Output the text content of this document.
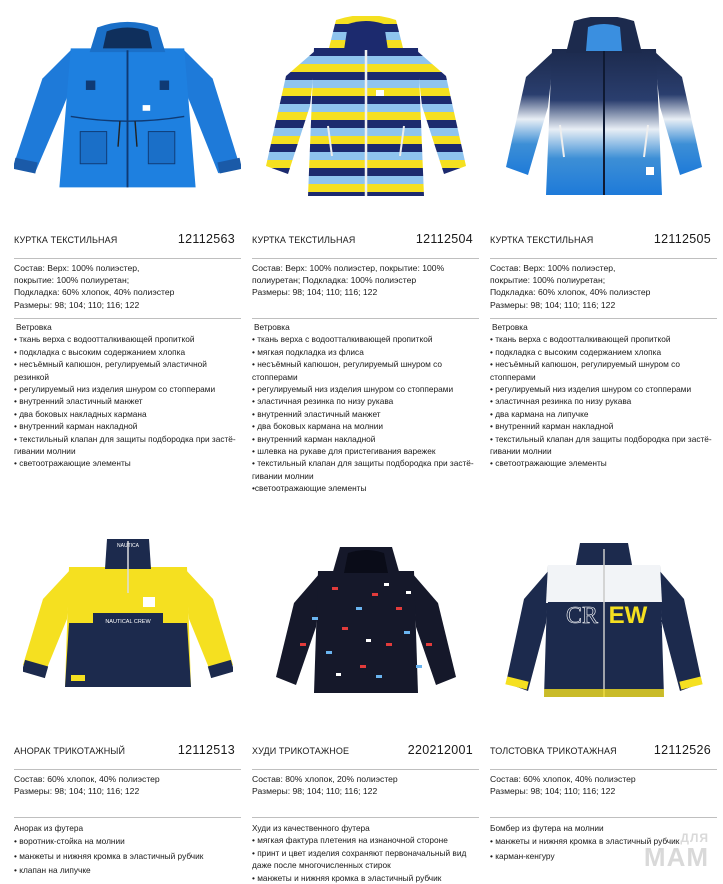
КУРТКА ТЕКСТИЛЬНАЯ	12112563
Состав: Верх: 100% полиэстер,
покрытие: 100% полиуретан;
Подкладка: 60% хлопок, 40% полиэстер
Размеры: 98; 104; 110; 116; 122
Ветровка
• ткань верха с водоотталкивающей пропиткой
• подкладка с высоким содержанием хлопка
• несъёмный капюшон, регулируемый эластичной резинкой
• регулируемый низ изделия шнуром со стопперами
• внутренний эластичный манжет
• два боковых накладных кармана
• внутренний карман накладной
• текстильный клапан для защиты подбородка при застё-гивании молнии
• светоотражающие элементы
КУРТКА ТЕКСТИЛЬНАЯ	12112504
Состав: Верх: 100% полиэстер, покрытие: 100%
полиуретан; Подкладка: 100% полиэстер
Размеры: 98; 104; 110; 116; 122
Ветровка
• ткань верха с водоотталкивающей пропиткой
• мягкая подкладка из флиса
• несъёмный капюшон, регулируемый шнуром со стопперами
• регулируемый низ изделия шнуром со стопперами
• эластичная резинка по низу рукава
• внутренний эластичный манжет
• два боковых кармана на молнии
• внутренний карман накладной
• шлевка на рукаве для пристегивания варежек
• текстильный клапан для защиты подбородка при застё-гивании молнии
• светоотражающие элементы
КУРТКА ТЕКСТИЛЬНАЯ	12112505
Состав: Верх: 100% полиэстер,
покрытие: 100% полиуретан;
Подкладка: 60% хлопок, 40% полиэстер
Размеры: 98; 104; 110; 116; 122
Ветровка
• ткань верха с водоотталкивающей пропиткой
• подкладка с высоким содержанием хлопка
• несъёмный капюшон, регулируемый шнуром со стопперами
• регулируемый низ изделия шнуром со стопперами
• эластичная резинка по низу рукава
• два кармана на липучке
• внутренний карман накладной
• текстильный клапан для защиты подбородка при застё-гивании молнии
• светоотражающие элементы
NAUTICAL CREW
NAUTICA
АНОРАК ТРИКОТАЖНЫЙ	12112513
Состав: 60% хлопок, 40% полиэстер
Размеры: 98; 104; 110; 116; 122
Анорак из футера
• воротник-стойка на молнии
• манжеты и нижняя кромка в эластичный рубчик
• клапан на липучке
ХУДИ ТРИКОТАЖНОЕ	220212001
Состав: 80% хлопок, 20% полиэстер
Размеры: 98; 104; 110; 116; 122
Худи из качественного футера
• мягкая фактура плетения на изнаночной стороне
• принт и цвет изделия сохраняют первоначальный вид даже после многочисленных стирок
• манжеты и нижняя кромка в эластичный рубчик
CR EW
ТОЛСТОВКА ТРИКОТАЖНАЯ	12112526
Состав: 60% хлопок, 40% полиэстер
Размеры: 98; 104; 110; 116; 122
Бомбер из футера на молнии
• манжеты и нижняя кромка в эластичный рубчик
• карман-кенгуру
ДЛЯ
МАМ
